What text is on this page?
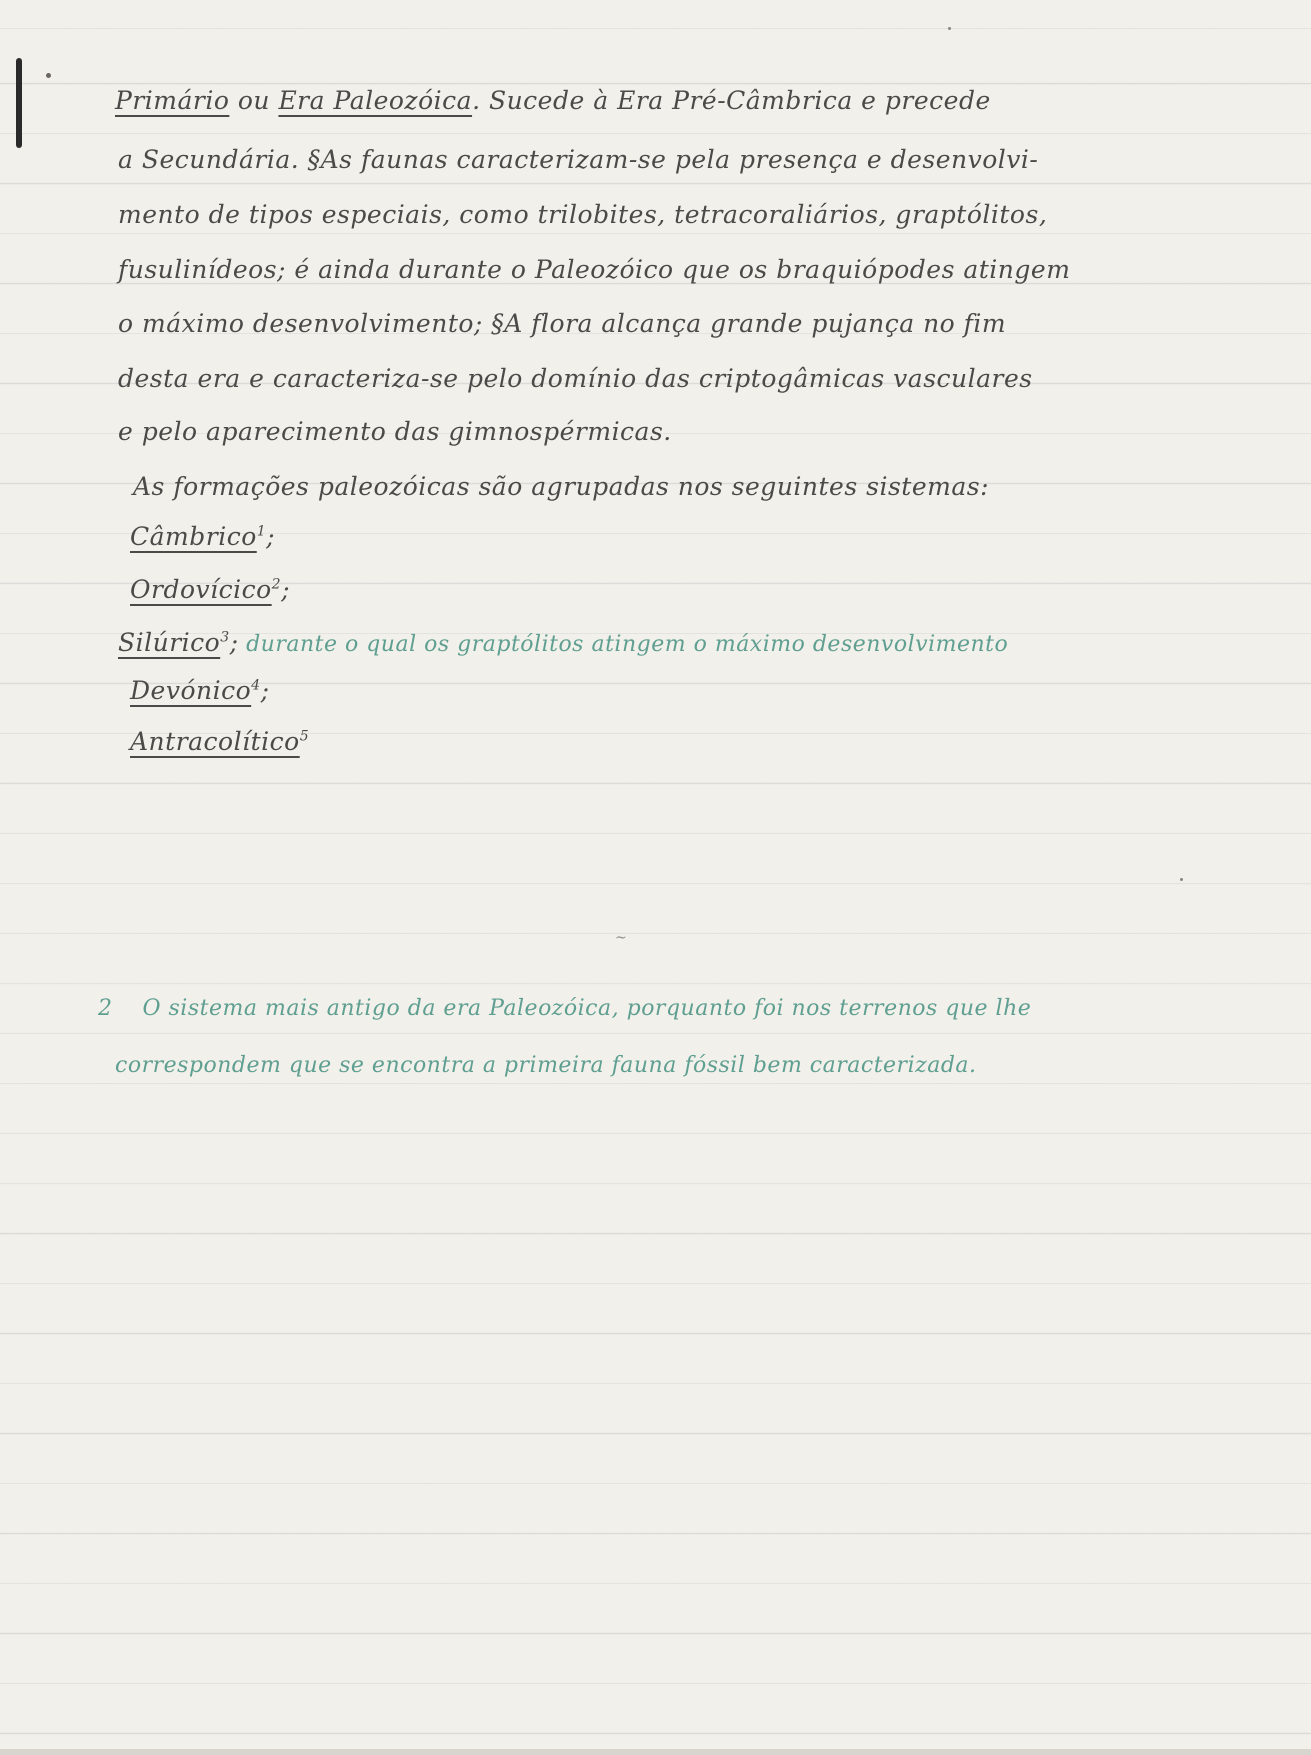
Primário ou Era Paleozóica. Sucede à Era Pré-Câmbrica e precede
a Secundária. §As faunas caracterizam-se pela presença e desenvolvi-
mento de tipos especiais, como trilobites, tetracoraliários, graptólitos,
fusulinídeos; é ainda durante o Paleozóico que os braquiópodes atingem
o máximo desenvolvimento; §A flora alcança grande pujança no fim
desta era e caracteriza-se pelo domínio das criptogâmicas vasculares
e pelo aparecimento das gimnospérmicas.
As formações paleozóicas são agrupadas nos seguintes sistemas:
Câmbrico$^1$;
Ordovícico$^2$;
Silúrico$^3$; durante o qual os graptólitos atingem o máximo desenvolvimento
Devónico$^4$;
Antracolítico$^5$
~
2 O sistema mais antigo da era Paleozóica, porquanto foi nos terrenos que lhe
correspondem que se encontra a primeira fauna fóssil bem caracterizada.
